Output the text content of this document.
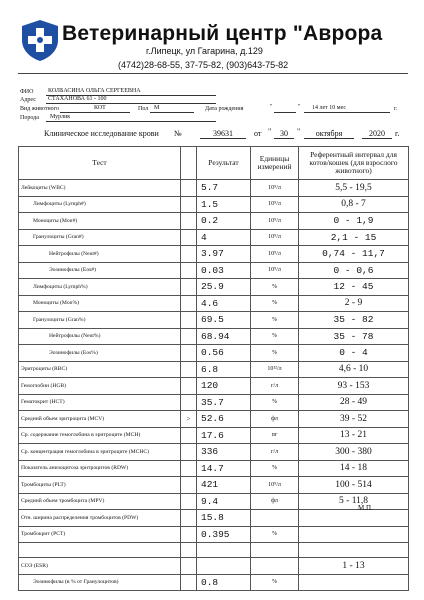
Ветеринарный центр "Аврора
г.Липецк, ул Гагарина, д.129
(4742)28-68-55, 37-75-82, (903)643-75-82
ФИО КОЛБАСИНА ОЛЬГА СЕРГЕЕВНА
Адрес СТАХАНОВА 61 - 100
Вид животного	КОТ	Пол М	Дата рождения	"	" 14 лет 10 мес	г.
Порода Мурлик
Клиническое исследование крови №	39631	от "	30	"	октября	2020	г.
Тест		Результат	Единицы измерений	Референтный интервал для котов/кошек (для взрослого животного)
Лейкоциты (WBC)		5.7	10⁹/л	5,5 - 19,5
Лимфоциты (Lymph#)		1.5	10⁹/л	0,8 - 7
Моноциты (Mon#)		0.2	10⁹/л	0 - 1,9
Гранулоциты (Gran#)		4	10⁹/л	2,1 - 15
Нейтрофилы (Neut#)		3.97	10⁹/л	0,74 - 11,7
Эозинофилы (Eos#)		0.03	10⁹/л	0 - 0,6
Лимфоциты (Lymph%)		25.9	%	12 - 45
Моноциты (Mon%)		4.6	%	2 - 9
Гранулоциты (Gran%)		69.5	%	35 - 82
Нейтрофилы (Neut%)		68.94	%	35 - 78
Эозинофилы (Eos%)		0.56	%	0 - 4
Эритроциты (RBC)		6.8	10¹²/л	4,6 - 10
Гемоглобин (HGB)		120	г/л	93 - 153
Гематокрит (HCT)		35.7	%	28 - 49
Средний объем эритроцита (MCV)	>	52.6	фл	39 - 52
Ср. содержание гемоглобина в эритроците (MCH)		17.6	пг	13 - 21
Ср. концентрация гемоглобина в эритроците (MCHC)		336	г/л	300 - 380
Показатель анизоцитоза эритроцитов (RDW)		14.7	%	14 - 18
Тромбоциты (PLT)		421	10⁹/л	100 - 514
Средний объем тромбоцита (MPV)		9.4	фл	5 - 11,8
Отн. ширина распределения тромбоцитов (PDW)		15.8		
Тромбокрит (PCT)		0.395	%	

СОЭ (ESR)				1 - 13
Эозинофилы (в % от Гранулоцитов)		0.8	%	
М.П.
